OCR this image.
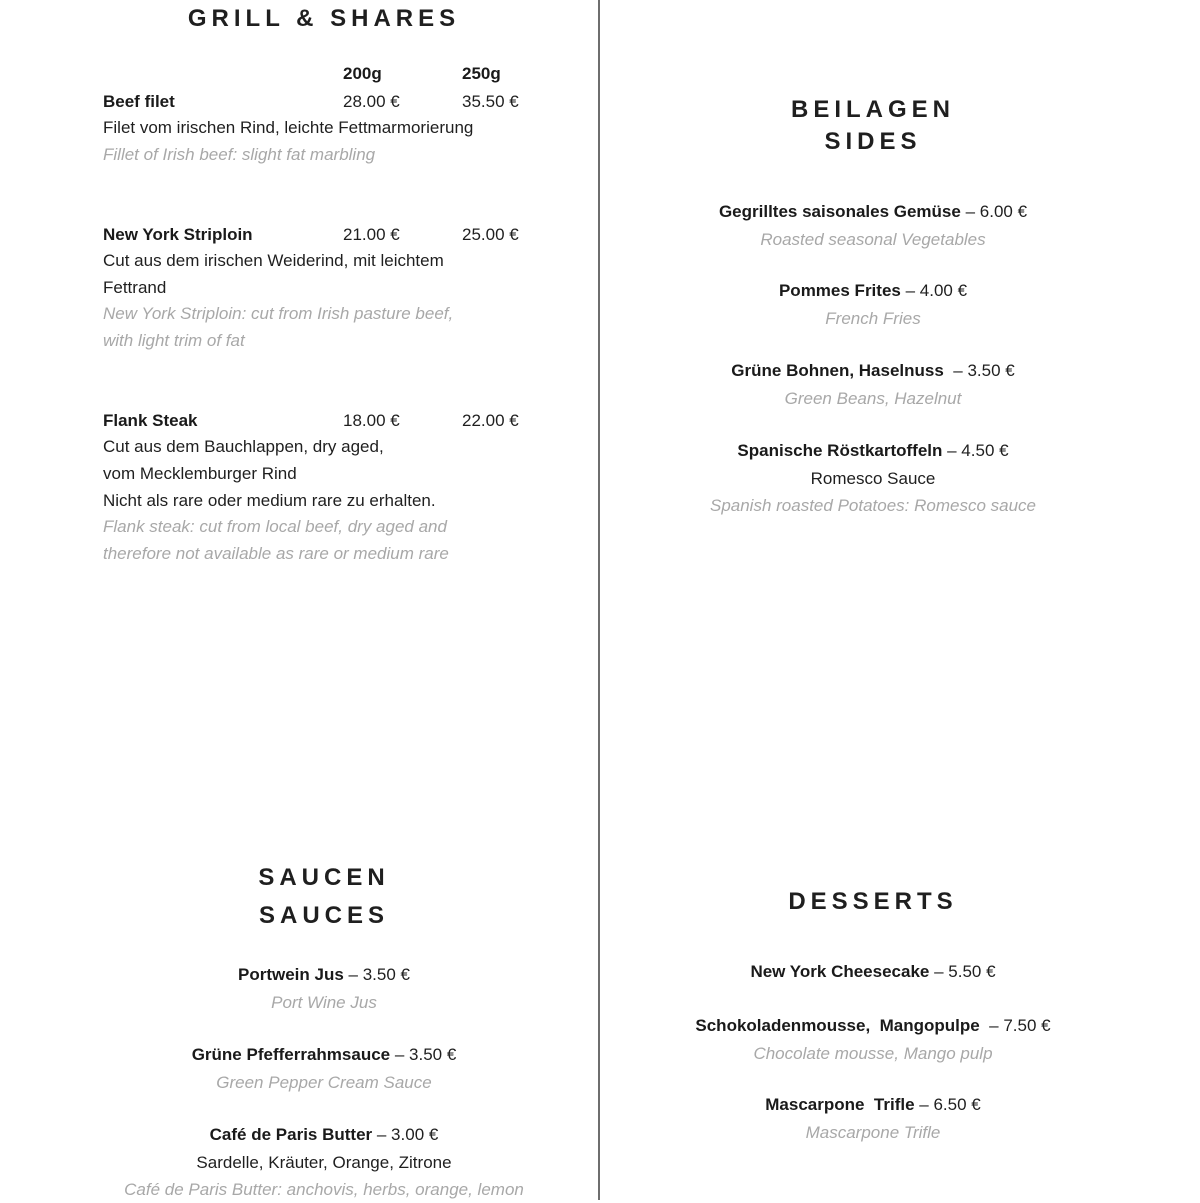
GRILL & SHARES
200g	250g
Beef filet	28.00 €	35.50 €
Filet vom irischen Rind, leichte Fettmarmorierung
Fillet of Irish beef: slight fat marbling
New York Striploin	21.00 €	25.00 €
Cut aus dem irischen Weiderind, mit leichtem
Fettrand
New York Striploin: cut from Irish pasture beef,
with light trim of fat
Flank Steak	18.00 €	22.00 €
Cut aus dem Bauchlappen, dry aged,
vom Mecklemburger Rind
Nicht als rare oder medium rare zu erhalten.
Flank steak: cut from local beef, dry aged and
therefore not available as rare or medium rare
BEILAGEN
SIDES
Gegrilltes saisonales Gemüse – 6.00 €
Roasted seasonal Vegetables
Pommes Frites – 4.00 €
French Fries
Grüne Bohnen, Haselnuss  – 3.50 €
Green Beans, Hazelnut
Spanische Röstkartoffeln – 4.50 €
Romesco Sauce
Spanish roasted Potatoes: Romesco sauce
SAUCEN
SAUCES
Portwein Jus – 3.50 €
Port Wine Jus
Grüne Pfefferrahmsauce – 3.50 €
Green Pepper Cream Sauce
Café de Paris Butter – 3.00 €
Sardelle, Kräuter, Orange, Zitrone
Café de Paris Butter: anchovis, herbs, orange, lemon
DESSERTS
New York Cheesecake – 5.50 €
Schokoladenmousse,  Mangopulpe  – 7.50 €
Chocolate mousse, Mango pulp
Mascarpone  Trifle – 6.50 €
Mascarpone Trifle
